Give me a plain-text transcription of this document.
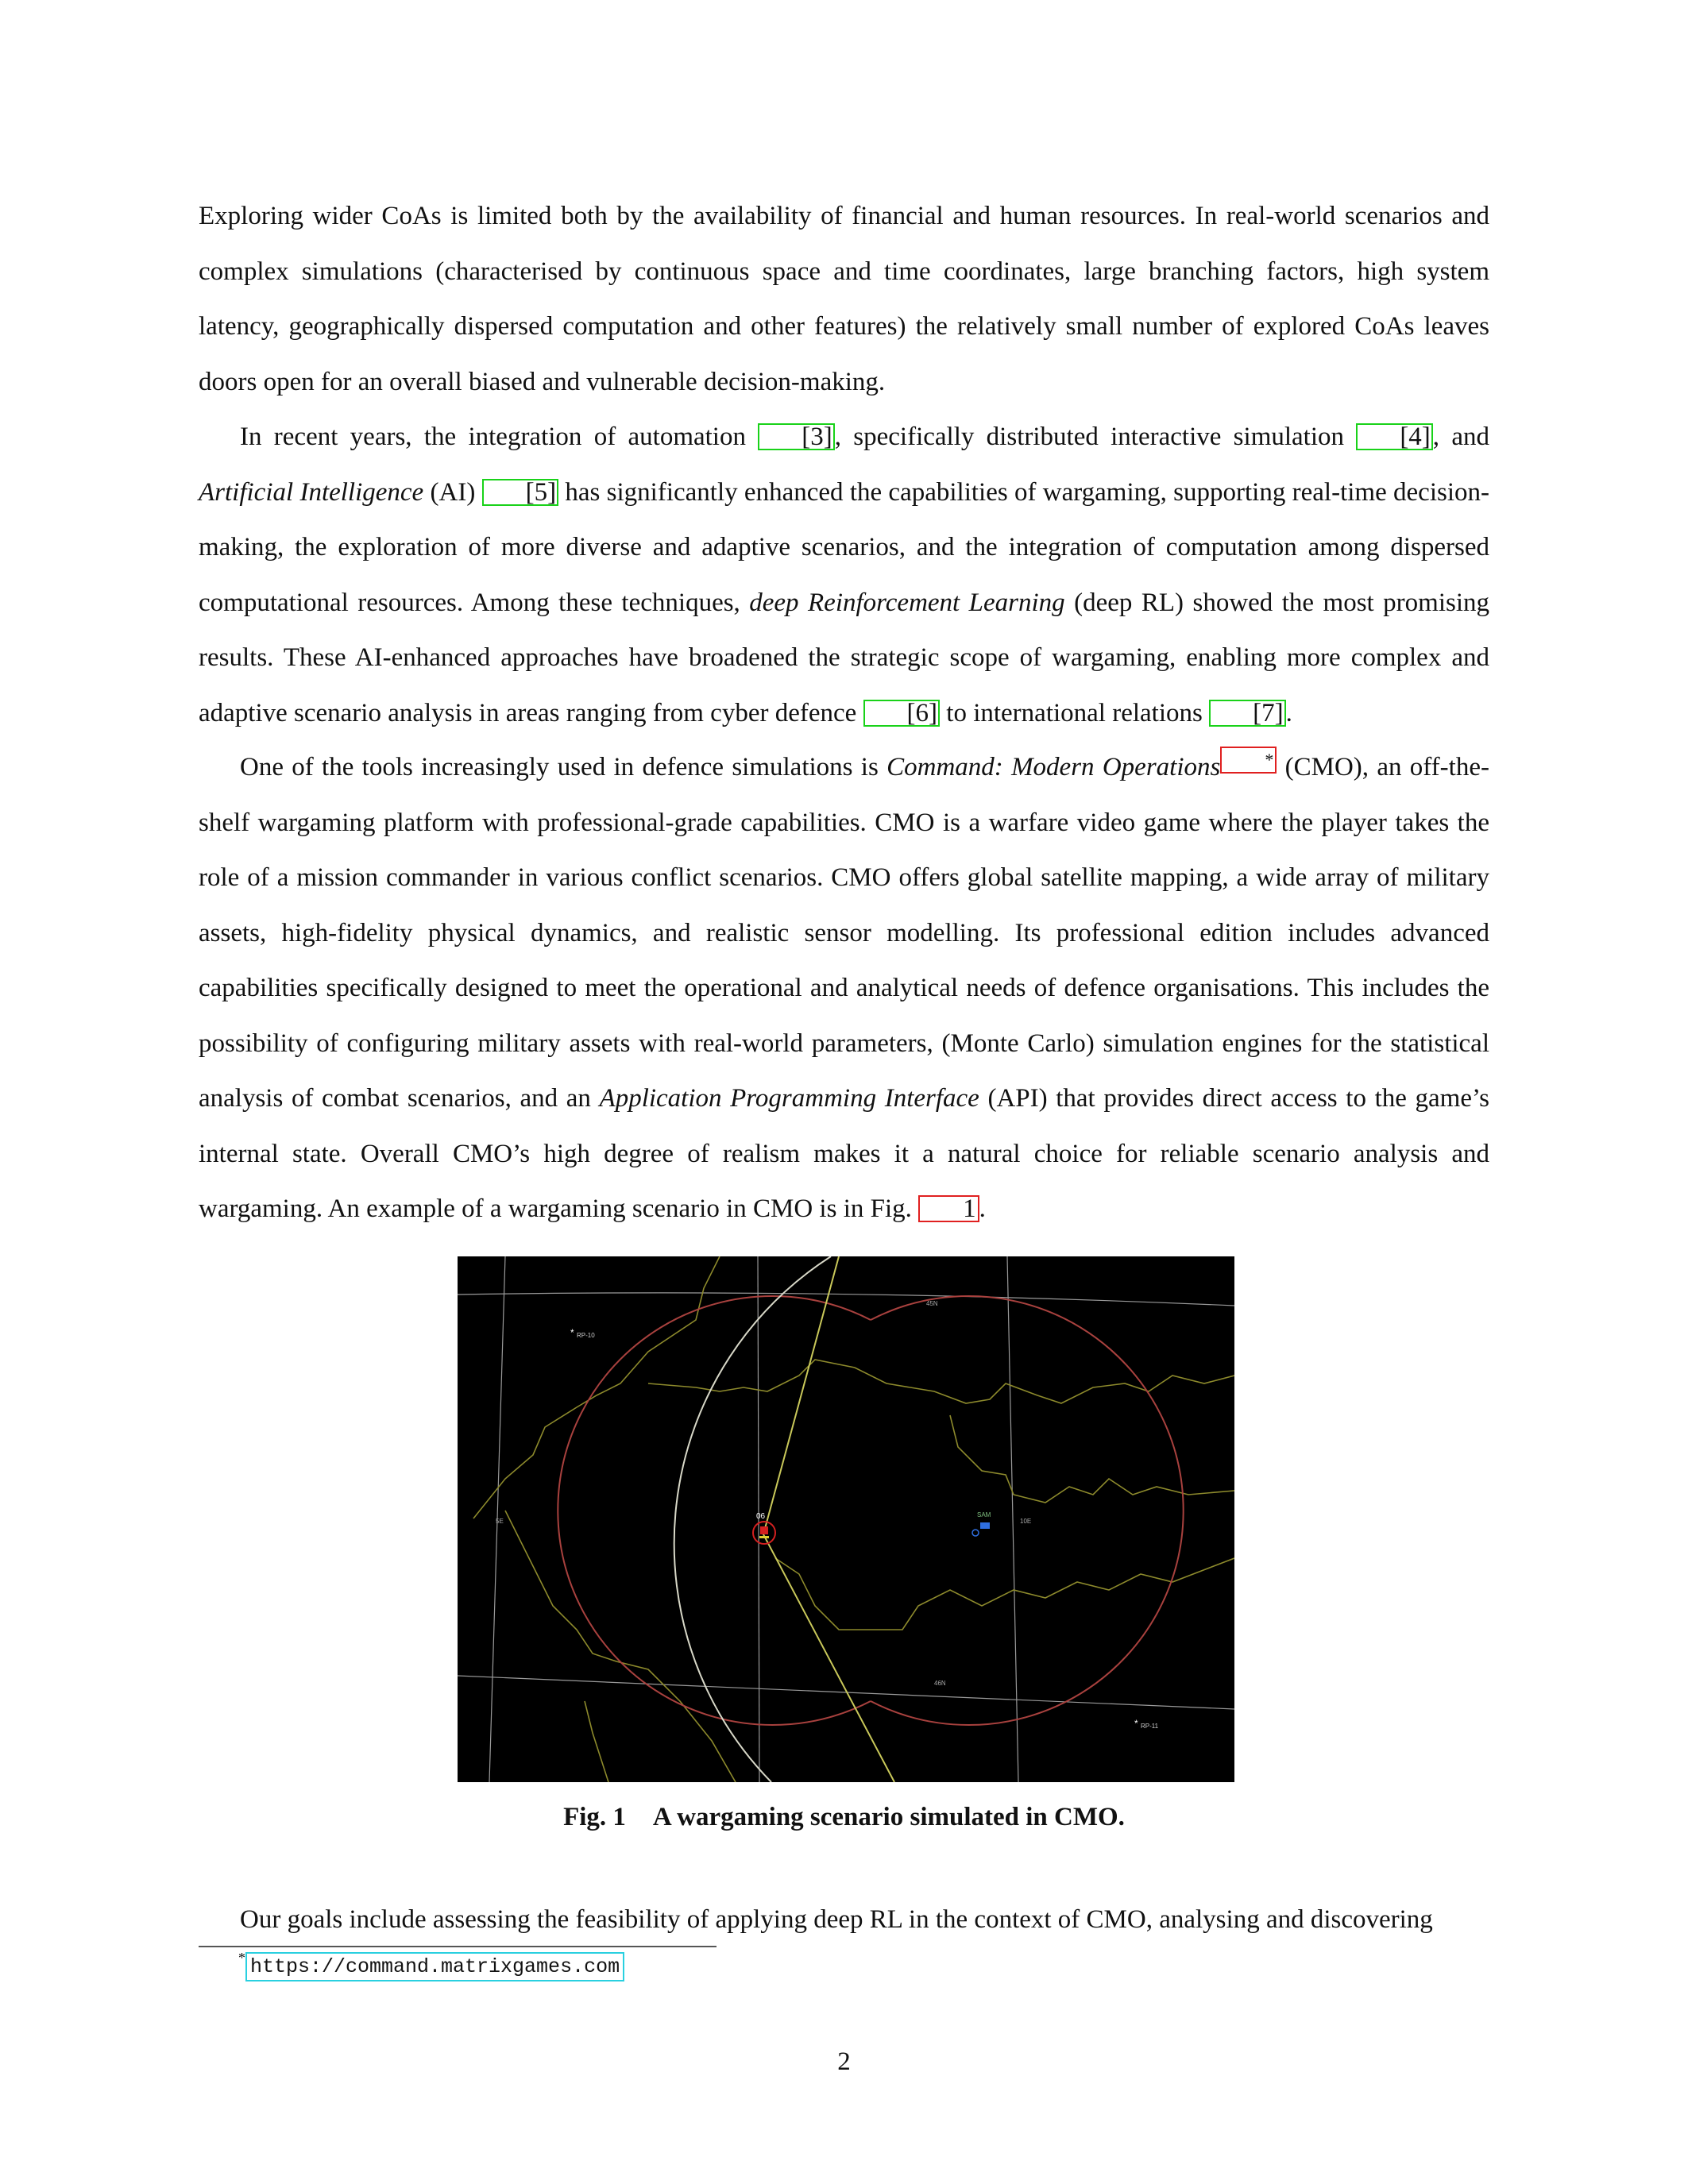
Exploring wider CoAs is limited both by the availability of financial and human resources. In real-world scenarios and complex simulations (characterised by continuous space and time coordinates, large branching factors, high system latency, geographically dispersed computation and other features) the relatively small number of explored CoAs leaves doors open for an overall biased and vulnerable decision-making.

In recent years, the integration of automation [3], specifically distributed interactive simulation [4], and Artificial Intelligence (AI) [5] has significantly enhanced the capabilities of wargaming, supporting real-time decision-making, the exploration of more diverse and adaptive scenarios, and the integration of computation among dispersed computational resources. Among these techniques, deep Reinforcement Learning (deep RL) showed the most promising results. These AI-enhanced approaches have broadened the strategic scope of wargaming, enabling more complex and adaptive scenario analysis in areas ranging from cyber defence [6] to international relations [7].

One of the tools increasingly used in defence simulations is Command: Modern Operations	* (CMO), an off-the-shelf wargaming platform with professional-grade capabilities. CMO is a warfare video game where the player takes the role of a mission commander in various conflict scenarios. CMO offers global satellite mapping, a wide array of military assets, high-fidelity physical dynamics, and realistic sensor modelling. Its professional edition includes advanced capabilities specifically designed to meet the operational and analytical needs of defence organisations. This includes the possibility of configuring military assets with real-world parameters, (Monte Carlo) simulation engines for the statistical analysis of combat scenarios, and an Application Programming Interface (API) that provides direct access to the game’s internal state. Overall CMO’s high degree of realism makes it a natural choice for reliable scenario analysis and wargaming. An example of a wargaming scenario in CMO is in Fig. 1 .

06	SAM
* RP-10
* RP-11
45N
46N
5E	10E
Fig. 1 A wargaming scenario simulated in CMO.

Our goals include assessing the feasibility of applying deep RL in the context of CMO, analysing and discovering

* https://command.matrixgames.com
2
